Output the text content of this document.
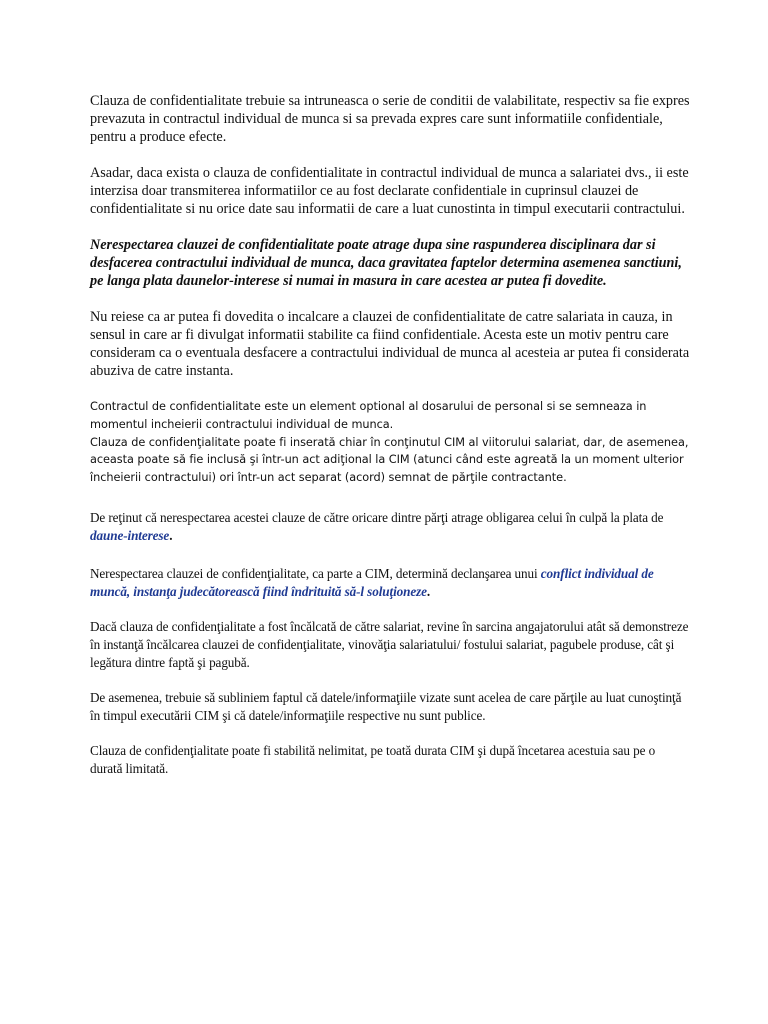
Clauza de confidentialitate trebuie sa intruneasca o serie de conditii de valabilitate, respectiv sa fie expres prevazuta in contractul individual de munca si sa prevada expres care sunt informatiile confidentiale, pentru a produce efecte.

Asadar, daca exista o clauza de confidentialitate in contractul individual de munca a salariatei dvs., ii este interzisa doar transmiterea informatiilor ce au fost declarate confidentiale in cuprinsul clauzei de confidentialitate si nu orice date sau informatii de care a luat cunostinta in timpul executarii contractului.

Nerespectarea clauzei de confidentialitate poate atrage dupa sine raspunderea disciplinara dar si desfacerea contractului individual de munca, daca gravitatea faptelor determina asemenea sanctiuni, pe langa plata daunelor-interese si numai in masura in care acestea ar putea fi dovedite.

Nu reiese ca ar putea fi dovedita o incalcare a clauzei de confidentialitate de catre salariata in cauza, in sensul in care ar fi divulgat informatii stabilite ca fiind confidentiale. Acesta este un motiv pentru care consideram ca o eventuala desfacere a contractului individual de munca al acesteia ar putea fi considerata abuziva de catre instanta.

Contractul de confidentialitate este un element optional al dosarului de personal si se semneaza in momentul incheierii contractului individual de munca.
Clauza de confidenţialitate poate fi inserată chiar în conţinutul CIM al viitorului salariat, dar, de asemenea, aceasta poate să fie inclusă şi într-un act adiţional la CIM (atunci când este agreată la un moment ulterior încheierii contractului) ori într-un act separat (acord) semnat de părţile contractante.

De reţinut că nerespectarea acestei clauze de către oricare dintre părţi atrage obligarea celui în culpă la plata de daune-interese.

Nerespectarea clauzei de confidenţialitate, ca parte a CIM, determină declanşarea unui conflict individual de muncă, instanţa judecătorească fiind îndrituită să-l soluţioneze.

Dacă clauza de confidenţialitate a fost încălcată de către salariat, revine în sarcina angajatorului atât să demonstreze în instanţă încălcarea clauzei de confidenţialitate, vinovăţia salariatului/ fostului salariat, pagubele produse, cât şi legătura dintre faptă şi pagubă.

De asemenea, trebuie să subliniem faptul că datele/informaţiile vizate sunt acelea de care părţile au luat cunoştinţă în timpul executării CIM şi că datele/informaţiile respective nu sunt publice.

Clauza de confidenţialitate poate fi stabilită nelimitat, pe toată durata CIM şi după încetarea acestuia sau pe o durată limitată.
